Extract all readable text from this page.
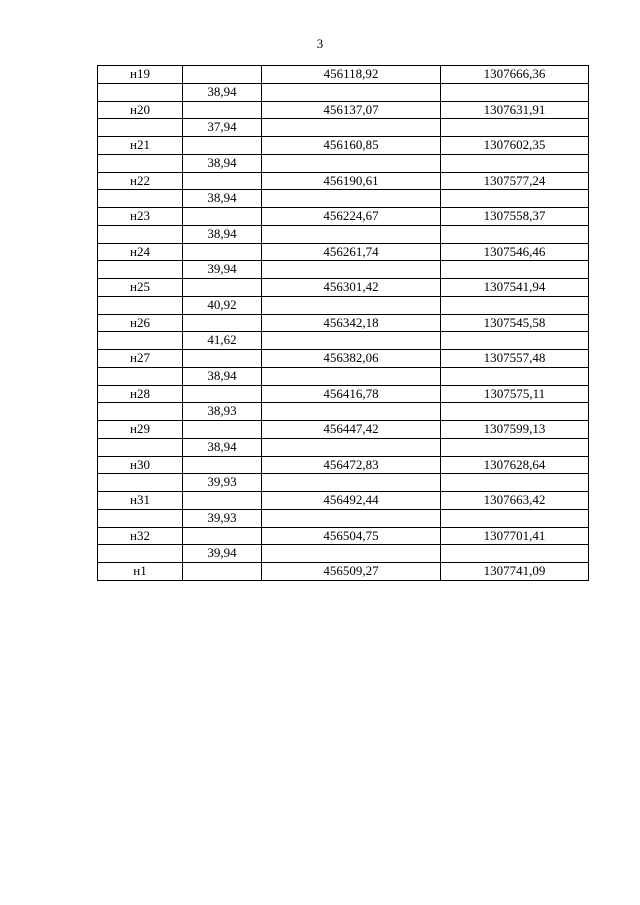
3
н19		456118,92	1307666,36
	38,94		
н20		456137,07	1307631,91
	37,94		
н21		456160,85	1307602,35
	38,94		
н22		456190,61	1307577,24
	38,94		
н23		456224,67	1307558,37
	38,94		
н24		456261,74	1307546,46
	39,94		
н25		456301,42	1307541,94
	40,92		
н26		456342,18	1307545,58
	41,62		
н27		456382,06	1307557,48
	38,94		
н28		456416,78	1307575,11
	38,93		
н29		456447,42	1307599,13
	38,94		
н30		456472,83	1307628,64
	39,93		
н31		456492,44	1307663,42
	39,93		
н32		456504,75	1307701,41
	39,94		
н1		456509,27	1307741,09
